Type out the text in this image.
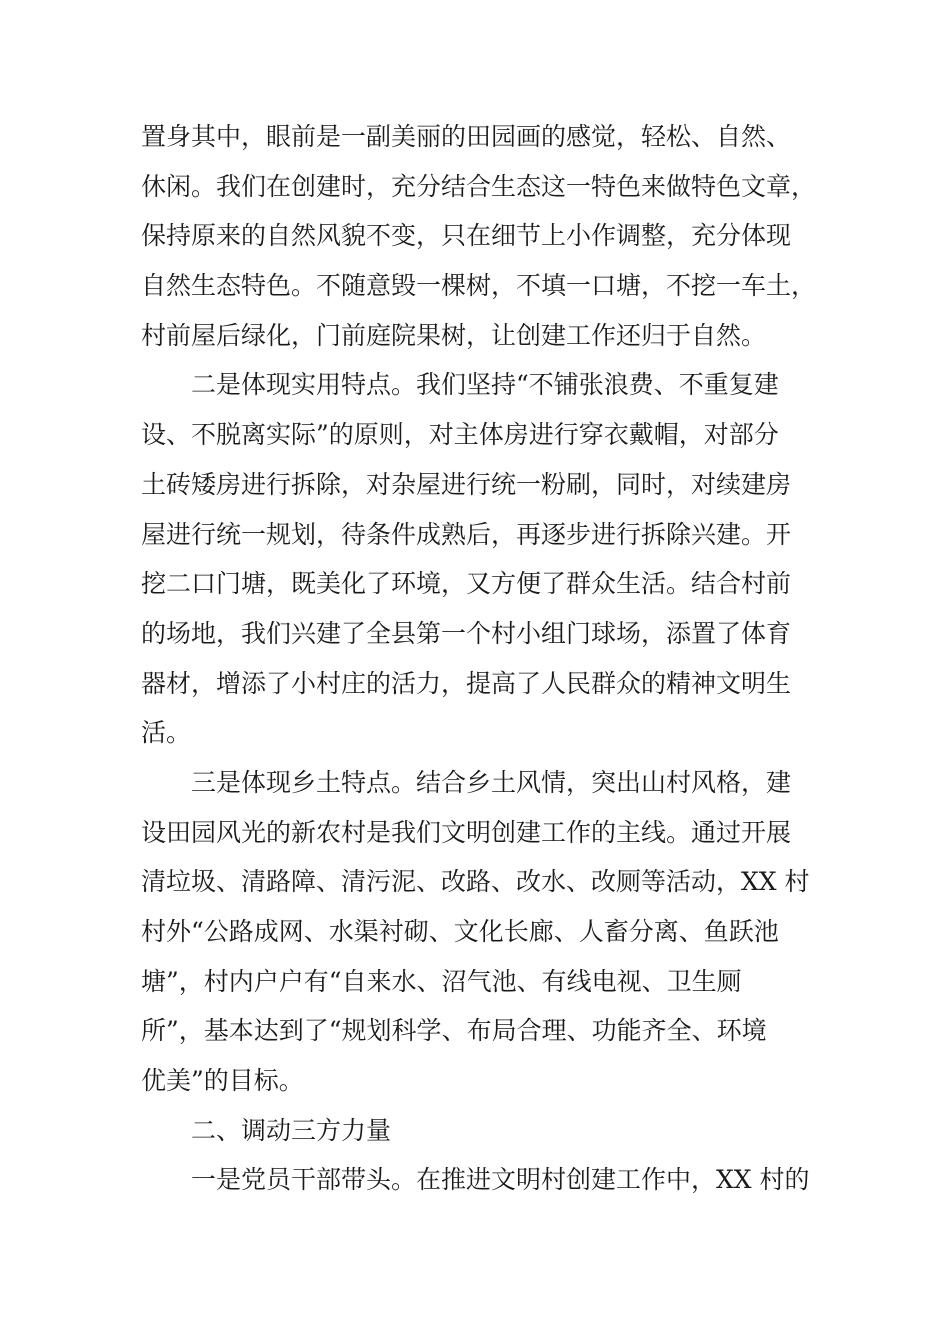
置身其中，眼前是一副美丽的田园画的感觉，轻松、自然、
休闲。我们在创建时，充分结合生态这一特色来做特色文章，
保持原来的自然风貌不变，只在细节上小作调整，充分体现
自然生态特色。不随意毁一棵树，不填一口塘，不挖一车土，
村前屋后绿化，门前庭院果树，让创建工作还归于自然。
二是体现实用特点。我们坚持“不铺张浪费、不重复建
设、不脱离实际”的原则，对主体房进行穿衣戴帽，对部分
土砖矮房进行拆除，对杂屋进行统一粉刷，同时，对续建房
屋进行统一规划，待条件成熟后，再逐步进行拆除兴建。开
挖二口门塘，既美化了环境，又方便了群众生活。结合村前
的场地，我们兴建了全县第一个村小组门球场，添置了体育
器材，增添了小村庄的活力，提高了人民群众的精神文明生
活。
三是体现乡土特点。结合乡土风情，突出山村风格，建
设田园风光的新农村是我们文明创建工作的主线。通过开展
清垃圾、清路障、清污泥、改路、改水、改厕等活动，XX 村
村外“公路成网、水渠衬砌、文化长廊、人畜分离、鱼跃池
塘”，村内户户有“自来水、沼气池、有线电视、卫生厕
所”，基本达到了“规划科学、布局合理、功能齐全、环境
优美”的目标。
二、调动三方力量
一是党员干部带头。在推进文明村创建工作中，XX 村的
